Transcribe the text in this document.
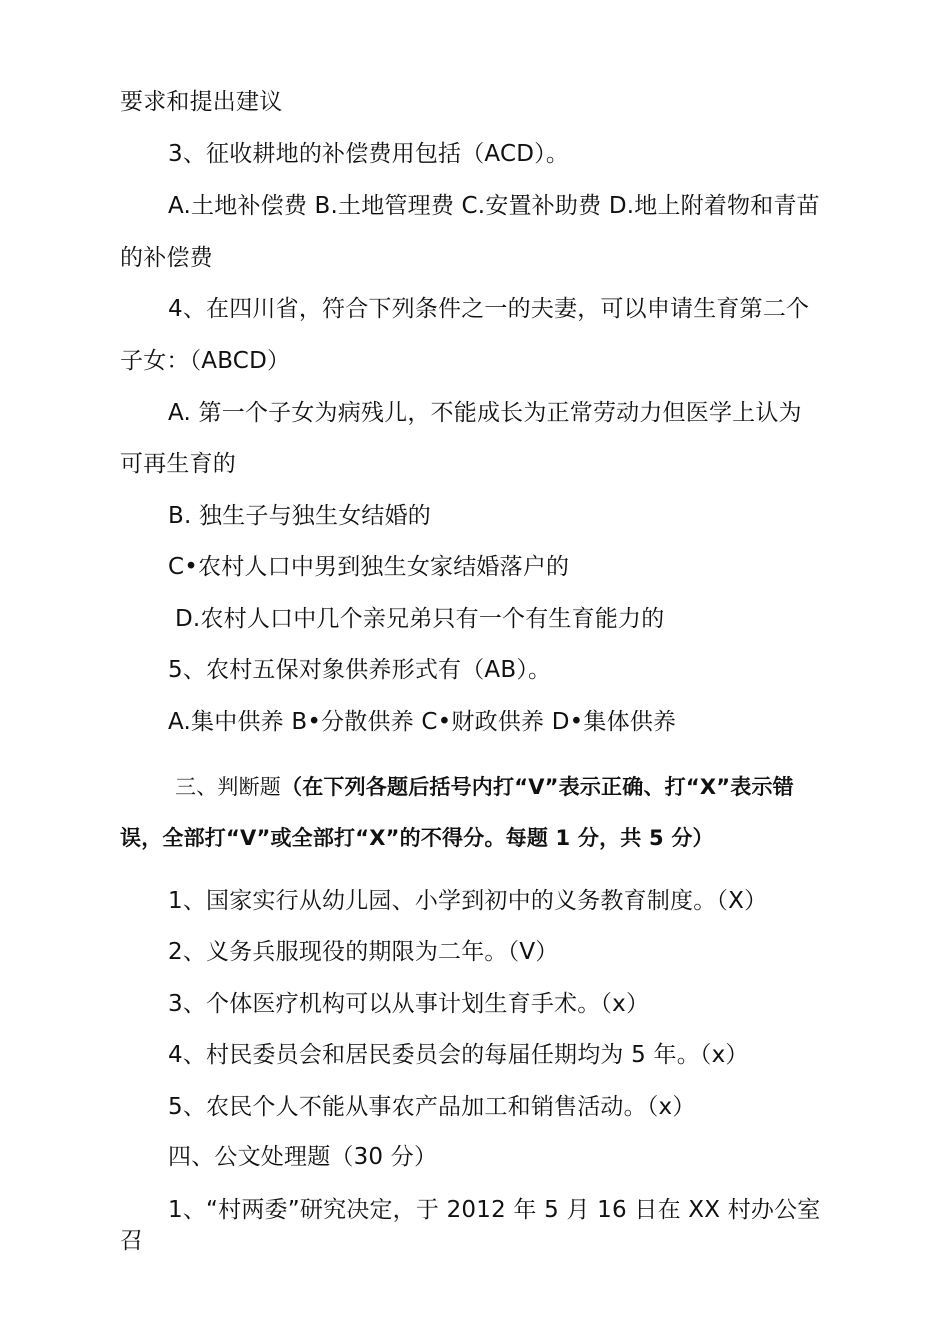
要求和提出建议
3、征收耕地的补偿费用包括（ACD）。
A.土地补偿费 B.土地管理费 C.安置补助费 D.地上附着物和青苗
的补偿费
4、在四川省，符合下列条件之一的夫妻，可以申请生育第二个
子女：（ABCD）
A. 第一个子女为病残儿，不能成长为正常劳动力但医学上认为
可再生育的
B. 独生子与独生女结婚的
C•农村人口中男到独生女家结婚落户的
D.农村人口中几个亲兄弟只有一个有生育能力的
5、农村五保对象供养形式有（AB）。
A.集中供养 B•分散供养 C•财政供养 D•集体供养
三、判断题（在下列各题后括号内打“V”表示正确、打“X”表示错
误，全部打“V”或全部打“X”的不得分。每题 1 分，共 5 分）
1、国家实行从幼儿园、小学到初中的义务教育制度。（X）
2、义务兵服现役的期限为二年。（V）
3、个体医疗机构可以从事计划生育手术。（x）
4、村民委员会和居民委员会的每届任期均为 5 年。（x）
5、农民个人不能从事农产品加工和销售活动。（x）
四、公文处理题（30 分）
1、“村两委”研究决定，于 2012 年 5 月 16 日在 XX 村办公室
召
